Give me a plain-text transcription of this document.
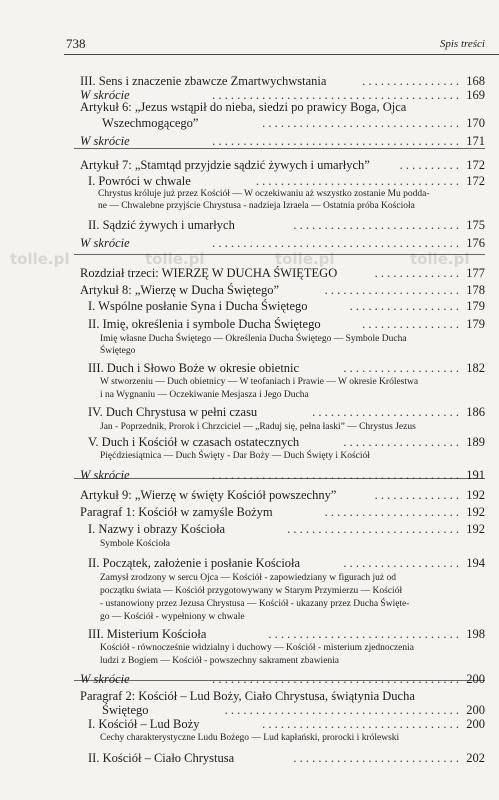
738	Spis treści
tolle.pl	tolle.pl	tolle.pl	tolle.pl
III. Sens i znaczenie zbawcze Zmartwychwstania	. . . . . . . . . . . . . . . . 168
W skrócie	. . . . . . . . . . . . . . . . . . . . . . . . . . . . . . . . . . . . . . . . 169
Artykuł 6: „Jezus wstąpił do nieba, siedzi po prawicy Boga, Ojca
Wszechmogącego”	. . . . . . . . . . . . . . . . . . . . . . . . . . . . . . . . 170
W skrócie	. . . . . . . . . . . . . . . . . . . . . . . . . . . . . . . . . . . . . . . . 171
Artykuł 7: „Stamtąd przyjdzie sądzić żywych i umarłych”	. . . . . . . . . . 172
I. Powróci w chwale	. . . . . . . . . . . . . . . . . . . . . . . . . . . . . . . . . 172
Chrystus króluje już przez Kościół — W oczekiwaniu aż wszystko zostanie Mu podda-
ne — Chwalebne przyjście Chrystusa - nadzieja Izraela — Ostatnia próba Kościoła
II. Sądzić żywych i umarłych	. . . . . . . . . . . . . . . . . . . . . . . . . . . 175
W skrócie	. . . . . . . . . . . . . . . . . . . . . . . . . . . . . . . . . . . . . . . . 176
Rozdział trzeci: WIERZĘ W DUCHA ŚWIĘTEGO	. . . . . . . . . . . . . . 177
Artykuł 8: „Wierzę w Ducha Świętego”	. . . . . . . . . . . . . . . . . . . . . . 178
I. Wspólne posłanie Syna i Ducha Świętego	. . . . . . . . . . . . . . . . . . 179
II. Imię, określenia i symbole Ducha Świętego	. . . . . . . . . . . . . . . . 179
Imię własne Ducha Świętego — Określenia Ducha Świętego — Symbole Ducha
Świętego
III. Duch i Słowo Boże w okresie obietnic	. . . . . . . . . . . . . . . . . . . 182
W stworzeniu — Duch obietnicy — W teofaniach i Prawie — W okresie Królestwa
i na Wygnaniu — Oczekiwanie Mesjasza i Jego Ducha
IV. Duch Chrystusa w pełni czasu	. . . . . . . . . . . . . . . . . . . . . . . . 186
Jan - Poprzednik, Prorok i Chrzciciel — „Raduj się, pełna łaski” — Chrystus Jezus
V. Duch i Kościół w czasach ostatecznych	. . . . . . . . . . . . . . . . . . . 189
Pięćdziesiątnica — Duch Święty - Dar Boży — Duch Święty i Kościół
W skrócie	. . . . . . . . . . . . . . . . . . . . . . . . . . . . . . . . . . . . . . . . 191
Artykuł 9: „Wierzę w święty Kościół powszechny”	. . . . . . . . . . . . . . 192
Paragraf 1: Kościół w zamyśle Bożym	. . . . . . . . . . . . . . . . . . . . . . 192
I. Nazwy i obrazy Kościoła	. . . . . . . . . . . . . . . . . . . . . . . . . . . . 192
Symbole Kościoła
II. Początek, założenie i posłanie Kościoła	. . . . . . . . . . . . . . . . . . . 194
Zamysł zrodzony w sercu Ojca — Kościół - zapowiedziany w figurach już od
początku świata — Kościół przygotowywany w Starym Przymierzu — Kościół
- ustanowiony przez Jezusa Chrystusa — Kościół - ukazany przez Ducha Święte-
go — Kościół - wypełniony w chwale
III. Misterium Kościoła	. . . . . . . . . . . . . . . . . . . . . . . . . . . . . . . 198
Kościół - równocześnie widzialny i duchowy — Kościół - misterium zjednoczenia
ludzi z Bogiem — Kościół - powszechny sakrament zbawienia
W skrócie	. . . . . . . . . . . . . . . . . . . . . . . . . . . . . . . . . . . . . . . . 200
Paragraf 2: Kościół – Lud Boży, Ciało Chrystusa, świątynia Ducha
Świętego	. . . . . . . . . . . . . . . . . . . . . . . . . . . . . . . . . . . . . . 200
I. Kościół – Lud Boży	. . . . . . . . . . . . . . . . . . . . . . . . . . . . . . . . 200
Cechy charakterystyczne Ludu Bożego — Lud kapłański, prorocki i królewski
II. Kościół – Ciało Chrystusa	. . . . . . . . . . . . . . . . . . . . . . . . . . . 202
